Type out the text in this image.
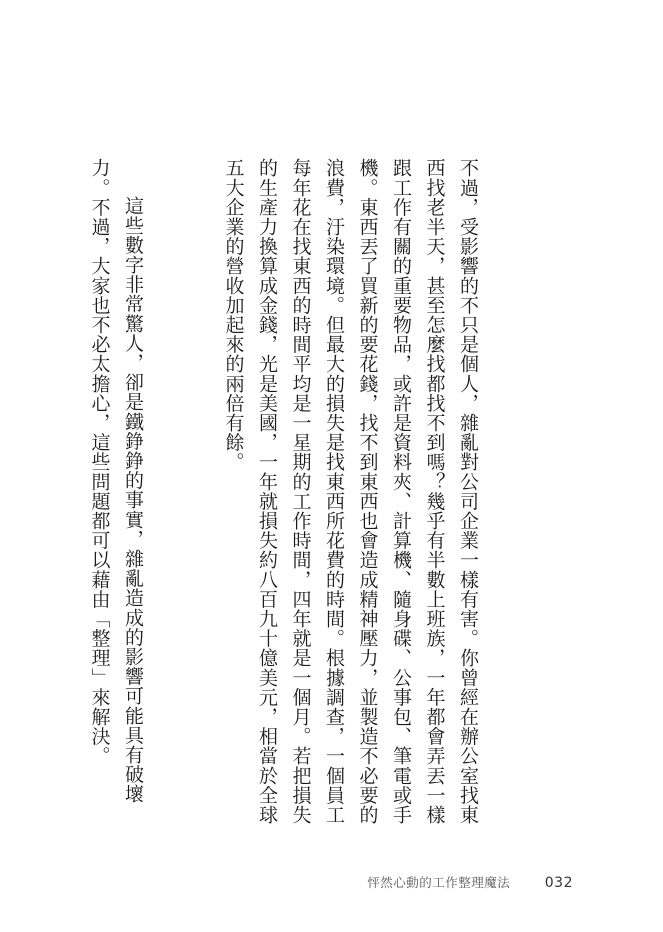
不過，受影響的不只是個人，雜亂對公司企業一樣有害。你曾經在辦公室找東西找老半天，甚至怎麼找都找不到嗎？幾乎有半數上班族，一年都會弄丟一樣跟工作有關的重要物品，或許是資料夾、計算機、隨身碟、公事包、筆電或手機。東西丟了買新的要花錢，找不到東西也會造成精神壓力，並製造不必要的浪費，汙染環境。但最大的損失是找東西所花費的時間。根據調查，一個員工每年花在找東西的時間平均是一星期的工作時間，四年就是一個月。若把損失的生產力換算成金錢，光是美國，一年就損失約八百九十億美元，相當於全球五大企業的營收加起來的兩倍有餘。

這些數字非常驚人，卻是鐵錚錚的事實，雜亂造成的影響可能具有破壞力。不過，大家也不必太擔心，這些問題都可以藉由「整理」來解決。

怦然心動的工作整理魔法 032
